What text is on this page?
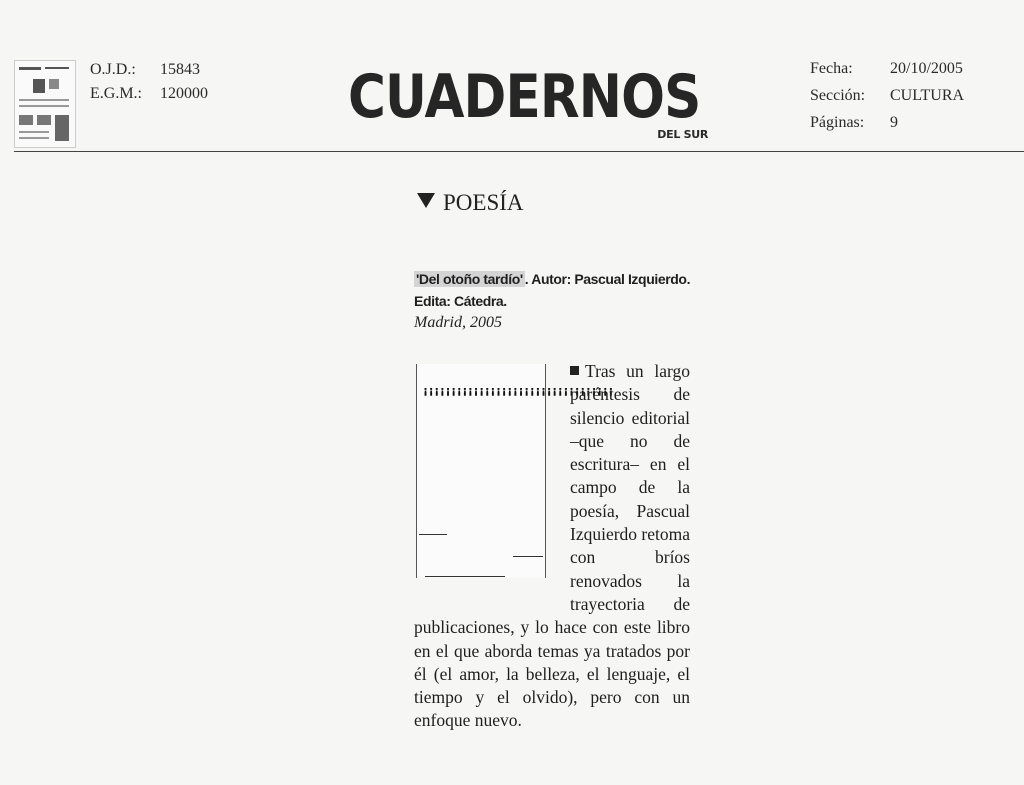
O.J.D.: 15843
E.G.M.: 120000 CUADERNOS
DEL SUR
Fecha: 20/10/2005
Sección: CULTURA
Páginas: 9
POESÍA
'Del otoño tardío' . Autor: Pascual Izquierdo. Edita: Cátedra.
Madrid, 2005
¡¡¡¡¡¡¡¡¡¡¡¡¡¡¡¡¡¡¡¡¡¡¡¡¡¡¡¡¡¡¡¡¡¡
Tras un largo paréntesis de silencio editorial –que no de escritura– en el campo de la poesía, Pascual Izquierdo retoma con bríos renovados la trayectoria de publicaciones, y lo hace con este libro en el que aborda temas ya tratados por él (el amor, la belleza, el lenguaje, el tiempo y el olvido), pero con un enfoque nuevo.
